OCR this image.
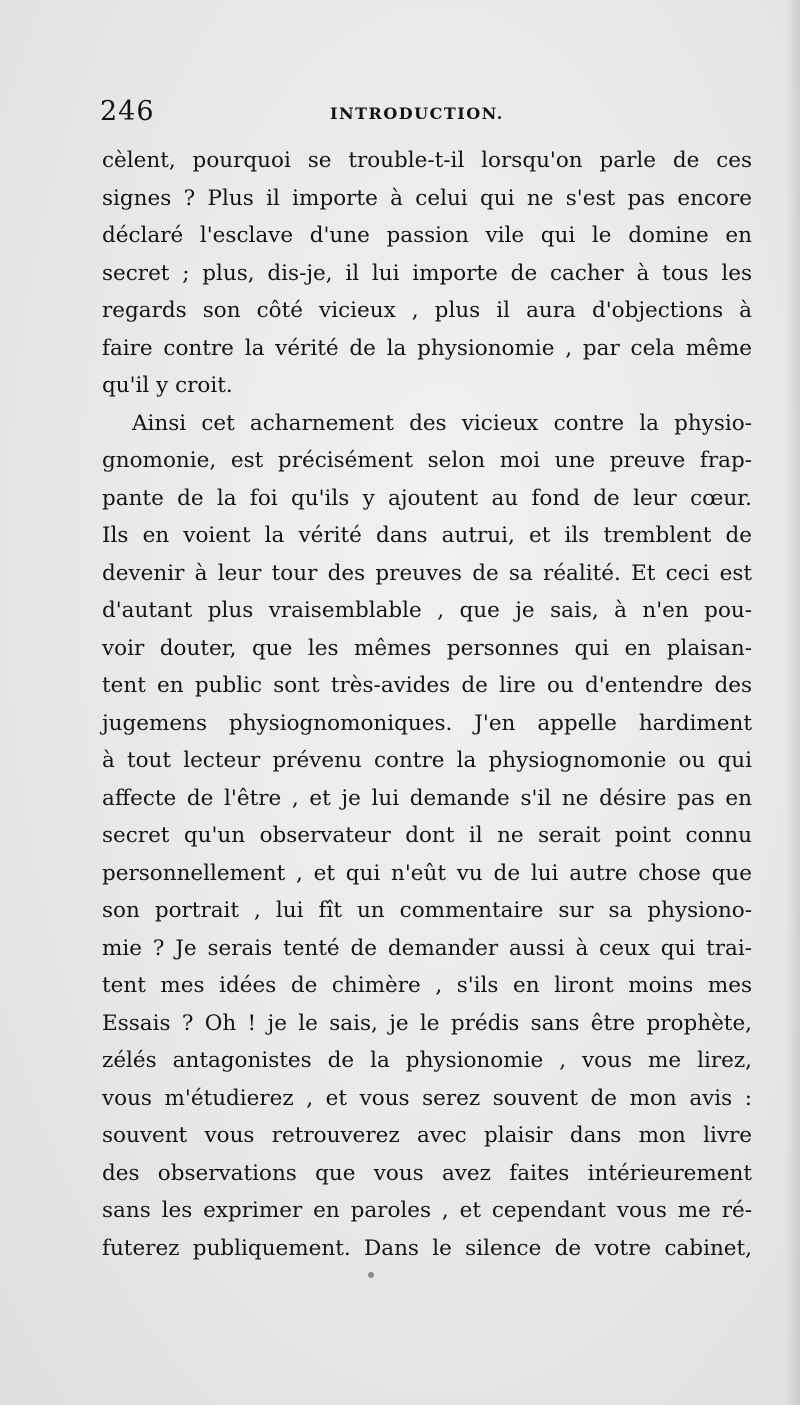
246	INTRODUCTION.
cèlent, pourquoi se trouble-t-il lorsqu'on parle de ces
signes ? Plus il importe à celui qui ne s'est pas encore
déclaré l'esclave d'une passion vile qui le domine en
secret ; plus, dis-je, il lui importe de cacher à tous les
regards son côté vicieux , plus il aura d'objections à
faire contre la vérité de la physionomie , par cela même
qu'il y croit.
Ainsi cet acharnement des vicieux contre la physio-
gnomonie, est précisément selon moi une preuve frap-
pante de la foi qu'ils y ajoutent au fond de leur cœur.
Ils en voient la vérité dans autrui, et ils tremblent de
devenir à leur tour des preuves de sa réalité. Et ceci est
d'autant plus vraisemblable , que je sais, à n'en pou-
voir douter, que les mêmes personnes qui en plaisan-
tent en public sont très-avides de lire ou d'entendre des
jugemens physiognomoniques. J'en appelle hardiment
à tout lecteur prévenu contre la physiognomonie ou qui
affecte de l'être , et je lui demande s'il ne désire pas en
secret qu'un observateur dont il ne serait point connu
personnellement , et qui n'eût vu de lui autre chose que
son portrait , lui fît un commentaire sur sa physiono-
mie ? Je serais tenté de demander aussi à ceux qui trai-
tent mes idées de chimère , s'ils en liront moins mes
Essais ? Oh ! je le sais, je le prédis sans être prophète,
zélés antagonistes de la physionomie , vous me lirez,
vous m'étudierez , et vous serez souvent de mon avis :
souvent vous retrouverez avec plaisir dans mon livre
des observations que vous avez faites intérieurement
sans les exprimer en paroles , et cependant vous me ré-
futerez publiquement. Dans le silence de votre cabinet,
